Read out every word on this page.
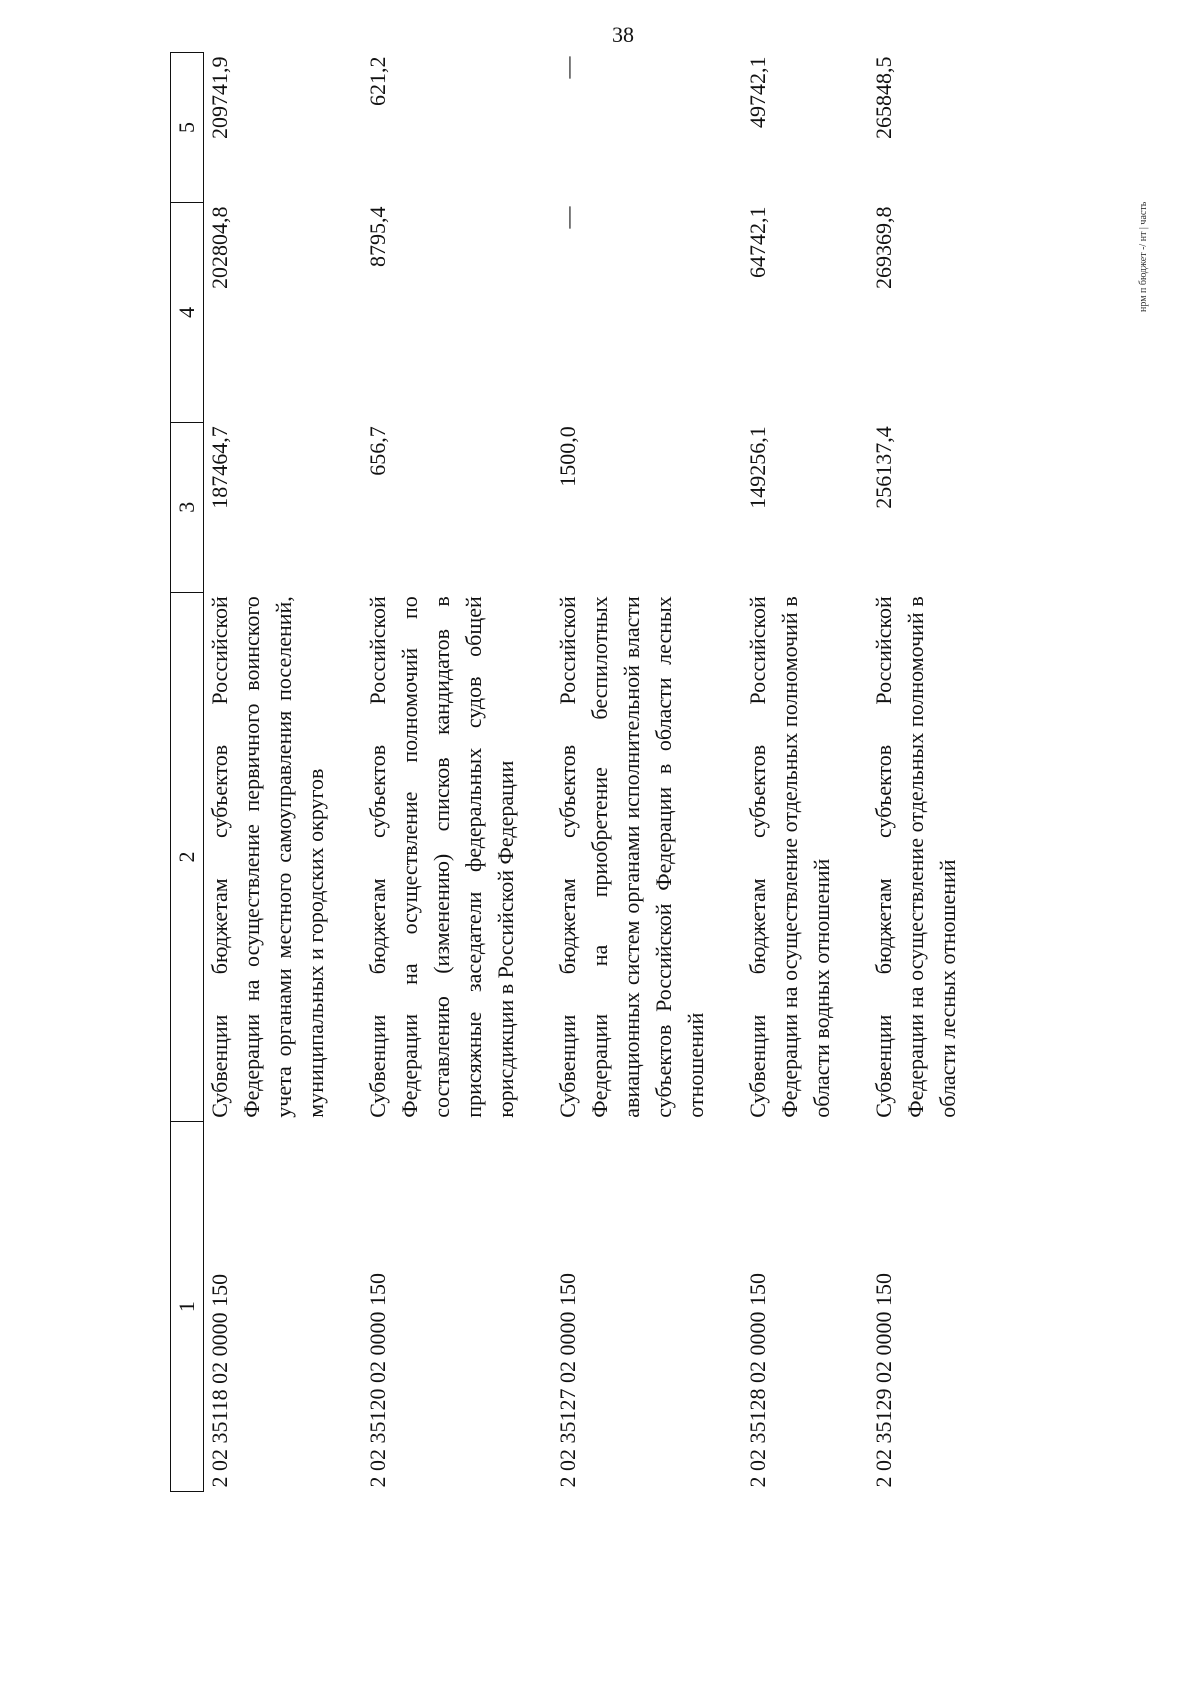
38
нрм п бюджет -/ нт | часть
1	2	3	4	5
2 02 35118 02 0000 150	Субвенции бюджетам субъектов Российской Федерации на осуществление первичного воинского учета органами местного самоуправления поселений, муниципальных и городских округов	187464,7	202804,8	209741,9

2 02 35120 02 0000 150	Субвенции бюджетам субъектов Российской Федерации на осуществление полномочий по составлению (изменению) списков кандидатов в присяжные заседатели федеральных судов общей юрисдикции в Российской Федерации	656,7	8795,4	621,2

2 02 35127 02 0000 150	Субвенции бюджетам субъектов Российской Федерации на приобретение беспилотных авиационных систем органами исполнительной власти субъектов Российской Федерации в области лесных отношений	1500,0	—	—

2 02 35128 02 0000 150	Субвенции бюджетам субъектов Российской Федерации на осуществление отдельных полномочий в области водных отношений	149256,1	64742,1	49742,1

2 02 35129 02 0000 150	Субвенции бюджетам субъектов Российской Федерации на осуществление отдельных полномочий в области лесных отношений	256137,4	269369,8	265848,5
